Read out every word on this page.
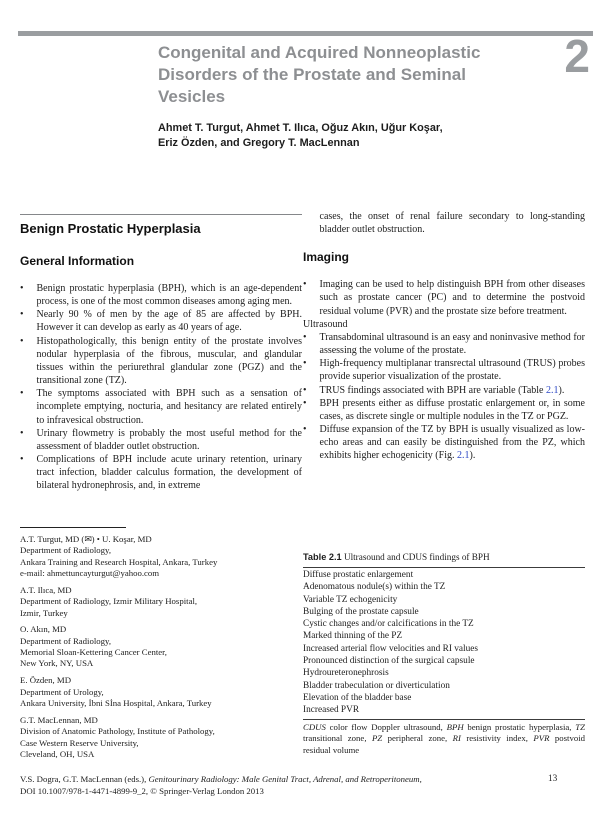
Congenital and Acquired Nonneoplastic
Disorders of the Prostate and Seminal
Vesicles
2
Ahmet T. Turgut, Ahmet T. Ilıca, Oğuz Akın, Uğur Koşar,
Eriz Özden, and Gregory T. MacLennan
Benign Prostatic Hyperplasia
General Information
•	Benign prostatic hyperplasia (BPH), which is an age-dependent process, is one of the most common diseases among aging men.
•	Nearly 90 % of men by the age of 85 are affected by BPH. However it can develop as early as 40 years of age.
•	Histopathologically, this benign entity of the prostate involves nodular hyperplasia of the fibrous, muscular, and glandular tissues within the periurethral glandular zone (PGZ) and the transitional zone (TZ).
•	The symptoms associated with BPH such as a sensation of incomplete emptying, nocturia, and hesitancy are related entirely to infravesical obstruction.
•	Urinary flowmetry is probably the most useful method for the assessment of bladder outlet obstruction.
•	Complications of BPH include acute urinary retention, urinary tract infection, bladder calculus formation, the development of bilateral hydronephrosis, and, in extreme
A.T. Turgut, MD (✉) • U. Koşar, MD
Department of Radiology,
Ankara Training and Research Hospital, Ankara, Turkey
e-mail: ahmettuncayturgut@yahoo.com
A.T. Ilıca, MD
Department of Radiology, Izmir Military Hospital,
Izmir, Turkey
O. Akın, MD
Department of Radiology,
Memorial Sloan-Kettering Cancer Center,
New York, NY, USA
E. Özden, MD
Department of Urology,
Ankara University, İbni Sİna Hospital, Ankara, Turkey
G.T. MacLennan, MD
Division of Anatomic Pathology, Institute of Pathology,
Case Western Reserve University,
Cleveland, OH, USA
cases, the onset of renal failure secondary to long-standing bladder outlet obstruction.
Imaging
•	Imaging can be used to help distinguish BPH from other diseases such as prostate cancer (PC) and to determine the postvoid residual volume (PVR) and the prostate size before treatment.
Ultrasound
•	Transabdominal ultrasound is an easy and noninvasive method for assessing the volume of the prostate.
•	High-frequency multiplanar transrectal ultrasound (TRUS) probes provide superior visualization of the prostate.
•	TRUS findings associated with BPH are variable (Table 2.1).
•	BPH presents either as diffuse prostatic enlargement or, in some cases, as discrete single or multiple nodules in the TZ or PGZ.
•	Diffuse expansion of the TZ by BPH is usually visualized as low-echo areas and can easily be distinguished from the PZ, which exhibits higher echogenicity (Fig. 2.1).
Table 2.1 Ultrasound and CDUS findings of BPH
Diffuse prostatic enlargement
Adenomatous nodule(s) within the TZ
Variable TZ echogenicity
Bulging of the prostate capsule
Cystic changes and/or calcifications in the TZ
Marked thinning of the PZ
Increased arterial flow velocities and RI values
Pronounced distinction of the surgical capsule
Hydroureteronephrosis
Bladder trabeculation or diverticulation
Elevation of the bladder base
Increased PVR
CDUS color flow Doppler ultrasound, BPH benign prostatic hyperplasia, TZ transitional zone, PZ peripheral zone, RI resistivity index, PVR postvoid residual volume
V.S. Dogra, G.T. MacLennan (eds.), Genitourinary Radiology: Male Genital Tract, Adrenal, and Retroperitoneum,
DOI 10.1007/978-1-4471-4899-9_2, © Springer-Verlag London 2013
13
